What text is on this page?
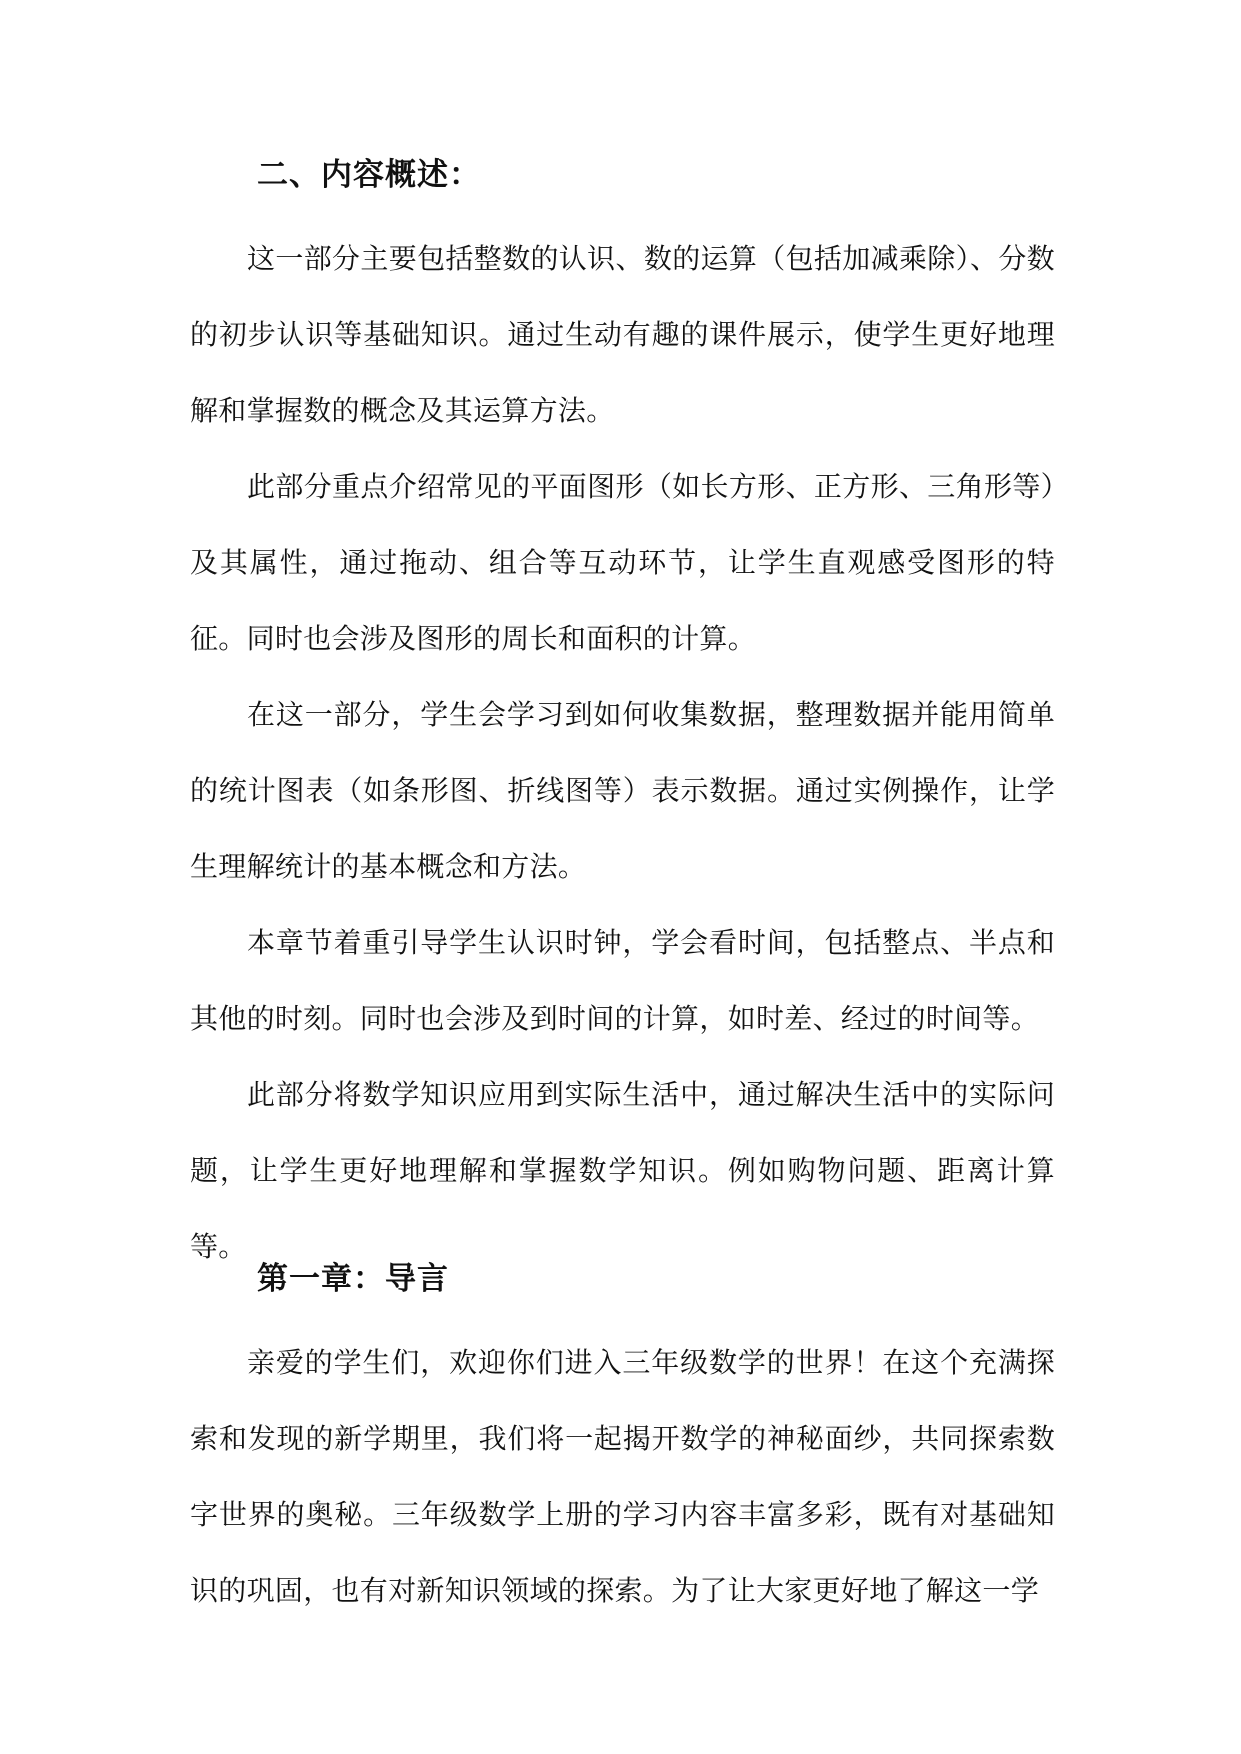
二、内容概述：

这一部分主要包括整数的认识、数的运算（包括加减乘除）、分数的初步认识等基础知识。通过生动有趣的课件展示，使学生更好地理解和掌握数的概念及其运算方法。

此部分重点介绍常见的平面图形（如长方形、正方形、三角形等）及其属性，通过拖动、组合等互动环节，让学生直观感受图形的特征。同时也会涉及图形的周长和面积的计算。

在这一部分，学生会学习到如何收集数据，整理数据并能用简单的统计图表（如条形图、折线图等）表示数据。通过实例操作，让学生理解统计的基本概念和方法。

本章节着重引导学生认识时钟，学会看时间，包括整点、半点和其他的时刻。同时也会涉及到时间的计算，如时差、经过的时间等。

此部分将数学知识应用到实际生活中，通过解决生活中的实际问题，让学生更好地理解和掌握数学知识。例如购物问题、距离计算等。

第一章：导言

亲爱的学生们，欢迎你们进入三年级数学的世界！在这个充满探索和发现的新学期里，我们将一起揭开数学的神秘面纱，共同探索数字世界的奥秘。三年级数学上册的学习内容丰富多彩，既有对基础知识的巩固，也有对新知识领域的探索。为了让大家更好地了解这一学
